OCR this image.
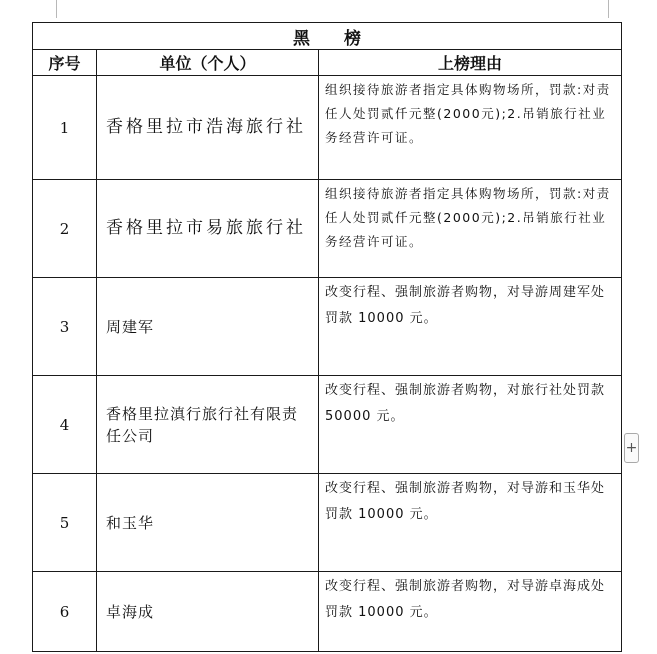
黑 榜		
序号	单位（个人）	上榜理由
1	香格里拉市浩海旅行社	组织接待旅游者指定具体购物场所，罚款:对责任人处罚贰仟元整(2000元);2.吊销旅行社业务经营许可证。
2	香格里拉市易旅旅行社	组织接待旅游者指定具体购物场所，罚款:对责任人处罚贰仟元整(2000元);2.吊销旅行社业务经营许可证。
3	周建军	改变行程、强制旅游者购物，对导游周建军处罚款 10000 元。
4	香格里拉滇行旅行社有限责任公司	改变行程、强制旅游者购物，对旅行社处罚款 50000 元。
5	和玉华	改变行程、强制旅游者购物，对导游和玉华处罚款 10000 元。
6	卓海成	改变行程、强制旅游者购物，对导游卓海成处罚款 10000 元。
+
